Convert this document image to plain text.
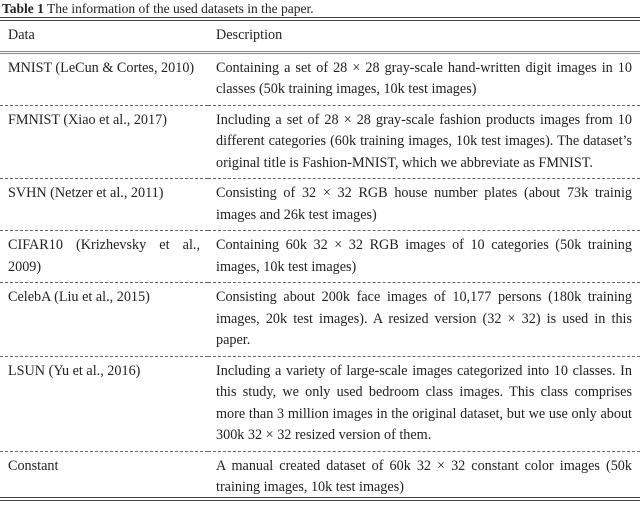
Table 1 The information of the used datasets in the paper.
Data	Description
MNIST (LeCun & Cortes, 2010)	Containing a set of 28 × 28 gray-scale hand-written digit images in 10 classes (50k training images, 10k test images)
FMNIST (Xiao et al., 2017)	Including a set of 28 × 28 gray-scale fashion products images from 10 different categories (60k training images, 10k test images). The dataset’s original title is Fashion-MNIST, which we abbreviate as FMNIST.
SVHN (Netzer et al., 2011)	Consisting of 32 × 32 RGB house number plates (about 73k trainig images and 26k test images)
CIFAR10 (Krizhevsky et al., 2009)	Containing 60k 32 × 32 RGB images of 10 categories (50k training images, 10k test images)
CelebA (Liu et al., 2015)	Consisting about 200k face images of 10,177 persons (180k training images, 20k test images). A resized version (32 × 32) is used in this paper.
LSUN (Yu et al., 2016)	Including a variety of large-scale images categorized into 10 classes. In this study, we only used bedroom class images. This class comprises more than 3 million images in the original dataset, but we use only about 300k 32 × 32 resized version of them.
Constant	A manual created dataset of 60k 32 × 32 constant color images (50k training images, 10k test images)
